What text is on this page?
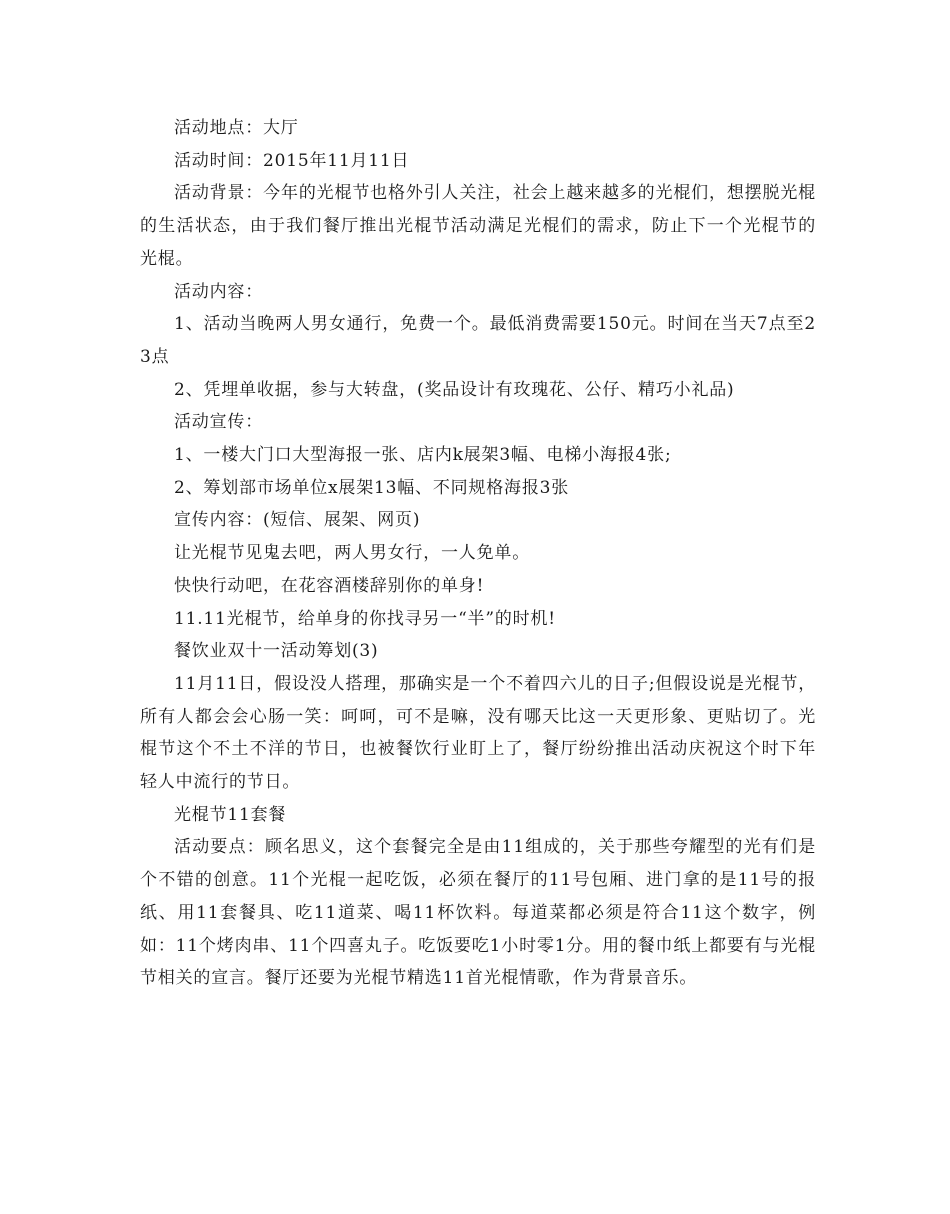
活动地点：大厅

活动时间：2015年11月11日

活动背景：今年的光棍节也格外引人关注，社会上越来越多的光棍们，想摆脱光棍的生活状态，由于我们餐厅推出光棍节活动满足光棍们的需求，防止下一个光棍节的光棍。

活动内容：

1、活动当晚两人男女通行，免费一个。最低消费需要150元。时间在当天7点至23点

2、凭埋单收据，参与大转盘，(奖品设计有玫瑰花、公仔、精巧小礼品)

活动宣传：

1、一楼大门口大型海报一张、店内k展架3幅、电梯小海报4张;

2、筹划部市场单位x展架13幅、不同规格海报3张

宣传内容：(短信、展架、网页)

让光棍节见鬼去吧，两人男女行，一人免单。

快快行动吧，在花容酒楼辞别你的单身!

11.11光棍节，给单身的你找寻另一“半”的时机!

餐饮业双十一活动筹划(3)

11月11日，假设没人搭理，那确实是一个不着四六儿的日子;但假设说是光棍节，所有人都会会心肠一笑：呵呵，可不是嘛，没有哪天比这一天更形象、更贴切了。光棍节这个不土不洋的节日，也被餐饮行业盯上了，餐厅纷纷推出活动庆祝这个时下年轻人中流行的节日。

光棍节11套餐

活动要点：顾名思义，这个套餐完全是由11组成的，关于那些夸耀型的光有们是个不错的创意。11个光棍一起吃饭，必须在餐厅的11号包厢、进门拿的是11号的报纸、用11套餐具、吃11道菜、喝11杯饮料。每道菜都必须是符合11这个数字，例如：11个烤肉串、11个四喜丸子。吃饭要吃1小时零1分。用的餐巾纸上都要有与光棍节相关的宣言。餐厅还要为光棍节精选11首光棍情歌，作为背景音乐。
